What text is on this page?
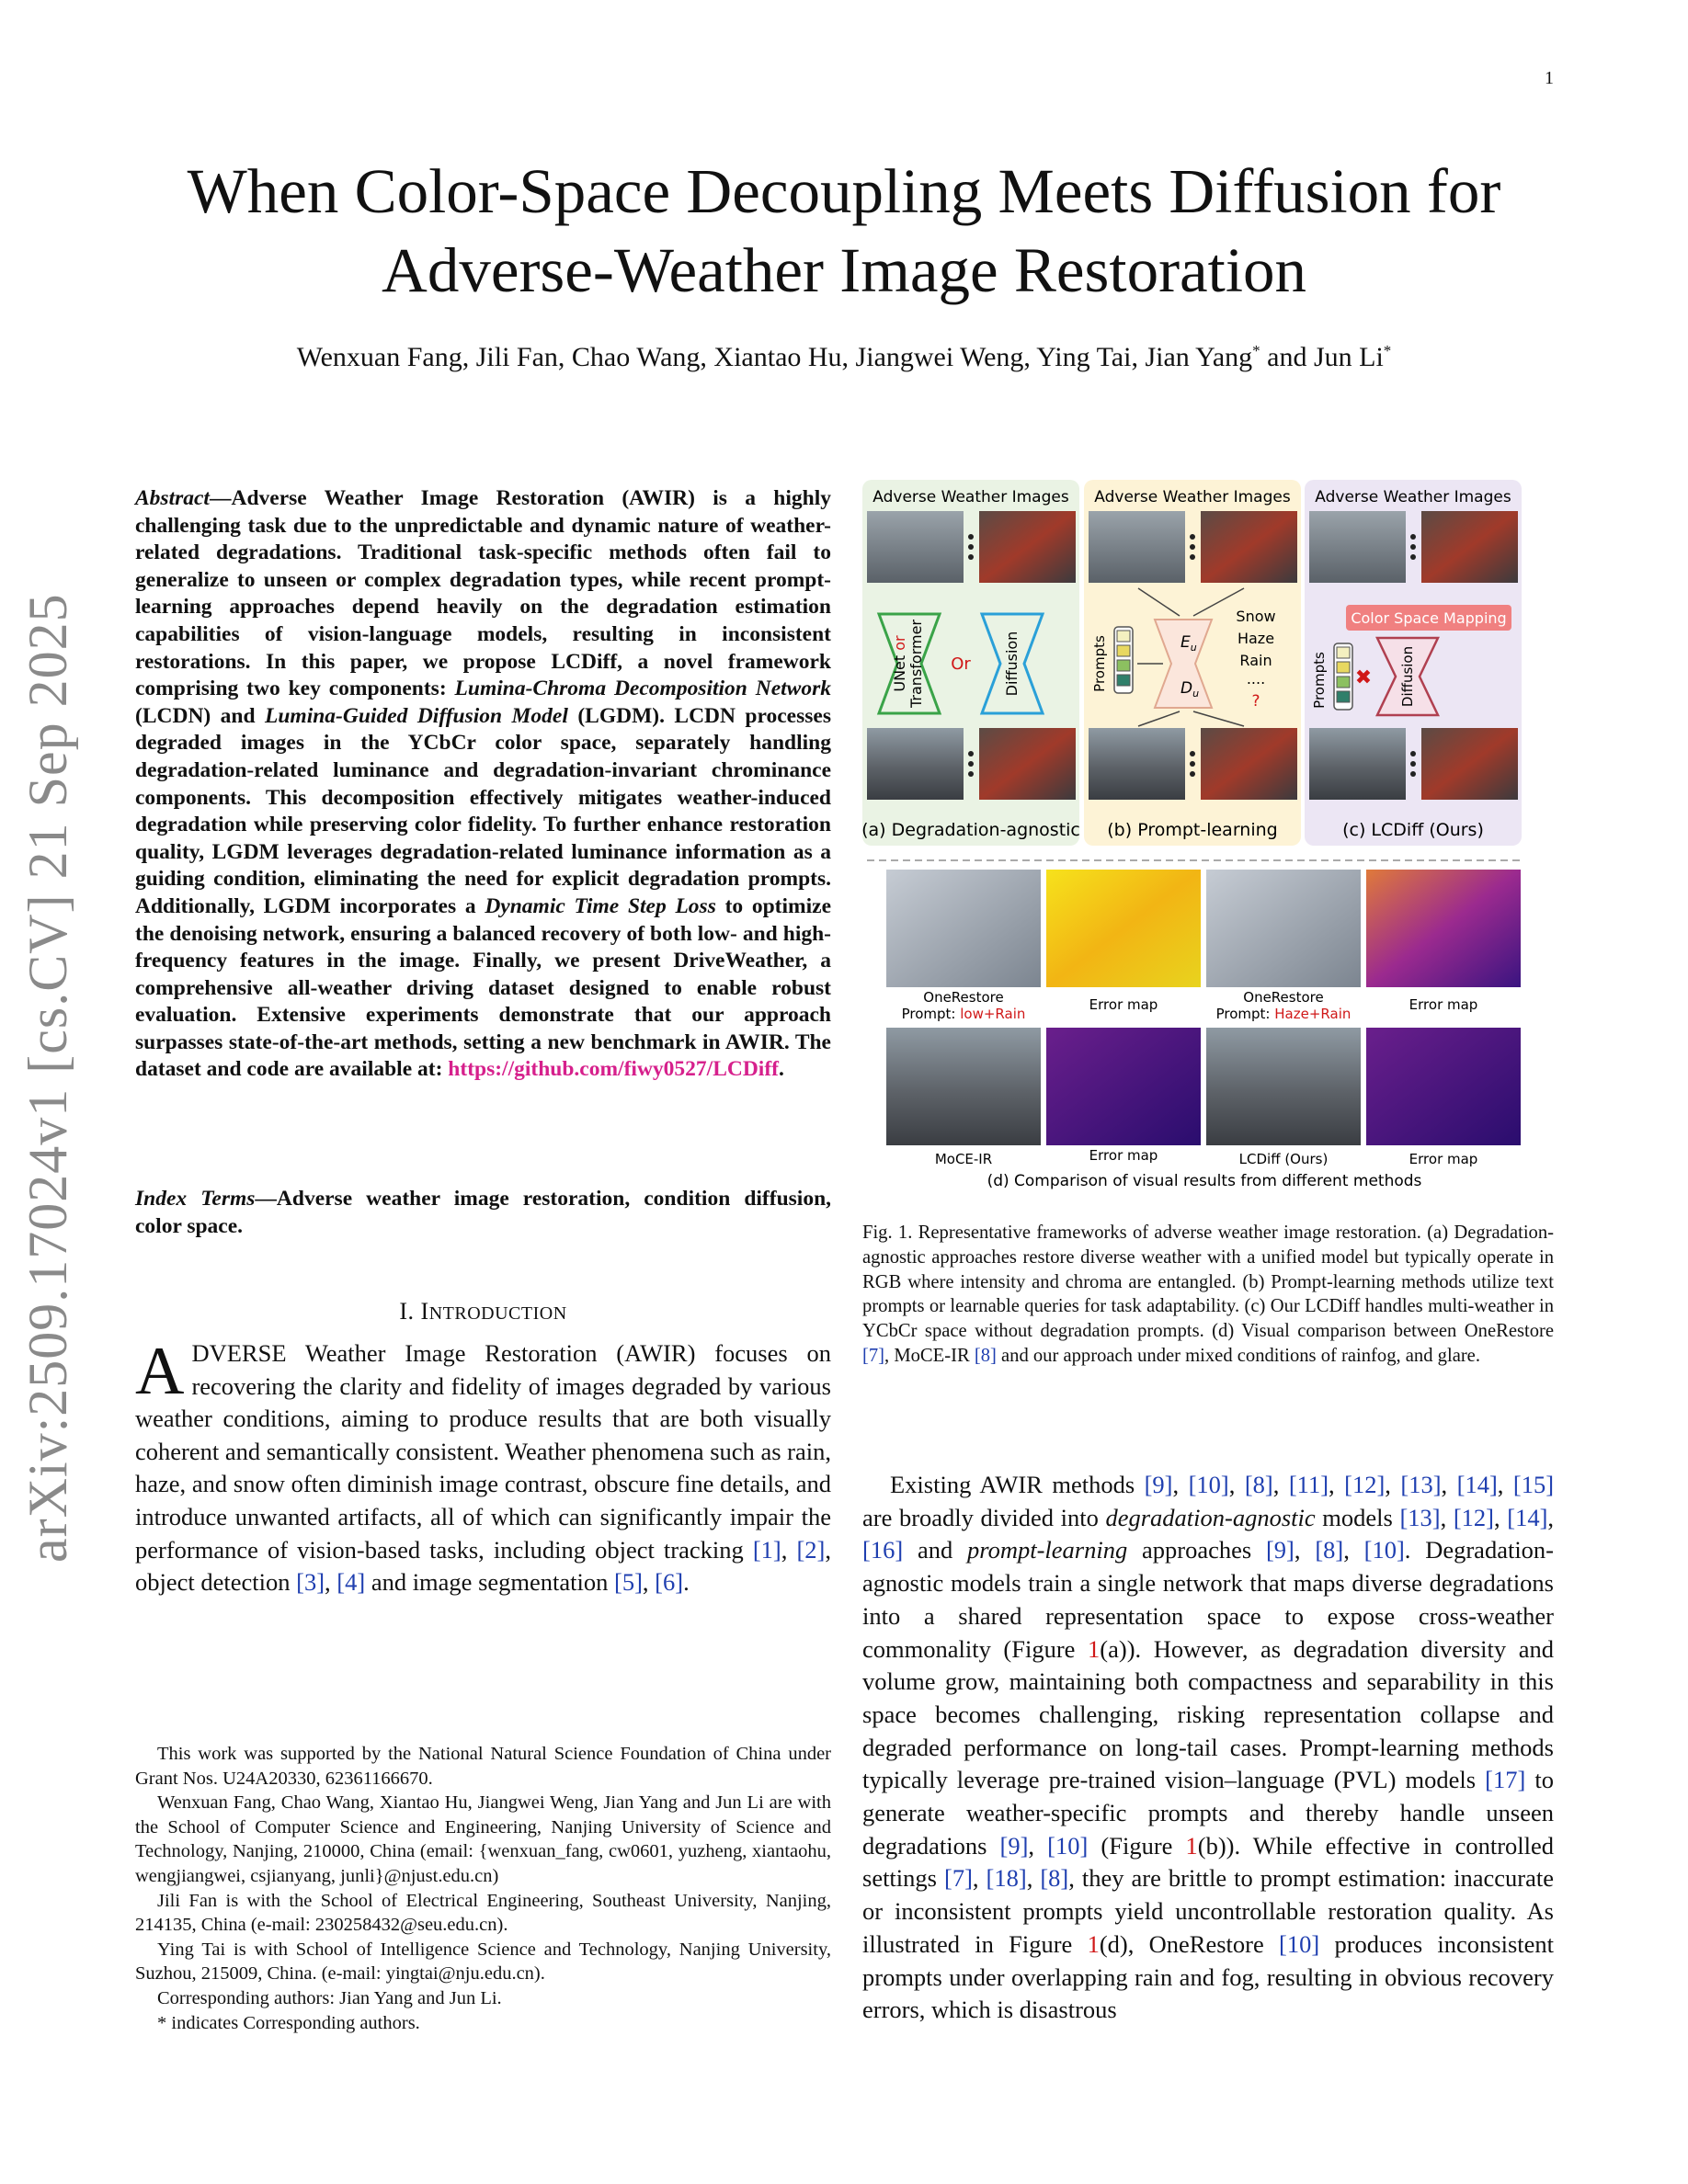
1
arXiv:2509.17024v1 [cs.CV] 21 Sep 2025
When Color-Space Decoupling Meets Diffusion for
Adverse-Weather Image Restoration
Wenxuan Fang, Jili Fan, Chao Wang, Xiantao Hu, Jiangwei Weng, Ying Tai, Jian Yang* and Jun Li*
Abstract—Adverse Weather Image Restoration (AWIR) is a highly challenging task due to the unpredictable and dynamic nature of weather-related degradations. Traditional task-specific methods often fail to generalize to unseen or complex degradation types, while recent prompt-learning approaches depend heavily on the degradation estimation capabilities of vision-language models, resulting in inconsistent restorations. In this paper, we propose LCDiff, a novel framework comprising two key components: Lumina-Chroma Decomposition Network (LCDN) and Lumina-Guided Diffusion Model (LGDM). LCDN processes degraded images in the YCbCr color space, separately handling degradation-related luminance and degradation-invariant chrominance components. This decomposition effectively mitigates weather-induced degradation while preserving color fidelity. To further enhance restoration quality, LGDM leverages degradation-related luminance information as a guiding condition, eliminating the need for explicit degradation prompts. Additionally, LGDM incorporates a Dynamic Time Step Loss to optimize the denoising network, ensuring a balanced recovery of both low- and high-frequency features in the image. Finally, we present DriveWeather, a comprehensive all-weather driving dataset designed to enable robust evaluation. Extensive experiments demonstrate that our approach surpasses state-of-the-art methods, setting a new benchmark in AWIR. The dataset and code are available at: https://github.com/fiwy0527/LCDiff.
Index Terms—Adverse weather image restoration, condition diffusion, color space.
I. INTRODUCTION
ADVERSE Weather Image Restoration (AWIR) focuses on recovering the clarity and fidelity of images degraded by various weather conditions, aiming to produce results that are both visually coherent and semantically consistent. Weather phenomena such as rain, haze, and snow often diminish image contrast, obscure fine details, and introduce unwanted artifacts, all of which can significantly impair the performance of vision-based tasks, including object tracking [1], [2], object detection [3], [4] and image segmentation [5], [6].

This work was supported by the National Natural Science Foundation of China under Grant Nos. U24A20330, 62361166670.

Wenxuan Fang, Chao Wang, Xiantao Hu, Jiangwei Weng, Jian Yang and Jun Li are with the School of Computer Science and Engineering, Nanjing University of Science and Technology, Nanjing, 210000, China (email: {wenxuan_fang, cw0601, yuzheng, xiantaohu, wengjiangwei, csjianyang, junli}@njust.edu.cn)

Jili Fan is with the School of Electrical Engineering, Southeast University, Nanjing, 214135, China (e-mail: 230258432@seu.edu.cn).

Ying Tai is with School of Intelligence Science and Technology, Nanjing University, Suzhou, 215009, China. (e-mail: yingtai@nju.edu.cn).

Corresponding authors: Jian Yang and Jun Li.

* indicates Corresponding authors.

Adverse Weather Images Adverse Weather Images Adverse Weather Images
UNet or Transformer Or Diffusion	Prompts	$E_u$
$D_u$
Snow
Haze
Rain
....
?
Color Space Mapping
Prompts ✖ Diffusion
(a) Degradation-agnostic (b) Prompt-learning	(c) LCDiff (Ours)
OneRestore
Prompt: low+Rain
Error map	OneRestore
Prompt: Haze+Rain
Error map
MoCE-IR	Error map	LCDiff (Ours)	Error map
(d) Comparison of visual results from different methods
Fig. 1. Representative frameworks of adverse weather image restoration. (a) Degradation-agnostic approaches restore diverse weather with a unified model but typically operate in RGB where intensity and chroma are entangled. (b) Prompt-learning methods utilize text prompts or learnable queries for task adaptability. (c) Our LCDiff handles multi-weather in YCbCr space without degradation prompts. (d) Visual comparison between OneRestore [7], MoCE-IR [8] and our approach under mixed conditions of rainfog, and glare.

Existing AWIR methods [9], [10], [8], [11], [12], [13], [14], [15] are broadly divided into degradation-agnostic models [13], [12], [14], [16] and prompt-learning approaches [9], [8], [10]. Degradation-agnostic models train a single network that maps diverse degradations into a shared representation space to expose cross-weather commonality (Figure 1(a)). However, as degradation diversity and volume grow, maintaining both compactness and separability in this space becomes challenging, risking representation collapse and degraded performance on long-tail cases. Prompt-learning methods typically leverage pre-trained vision–language (PVL) models [17] to generate weather-specific prompts and thereby handle unseen degradations [9], [10] (Figure 1(b)). While effective in controlled settings [7], [18], [8], they are brittle to prompt estimation: inaccurate or inconsistent prompts yield uncontrollable restoration quality. As illustrated in Figure 1(d), OneRestore [10] produces inconsistent prompts under overlapping rain and fog, resulting in obvious recovery errors, which is disastrous
